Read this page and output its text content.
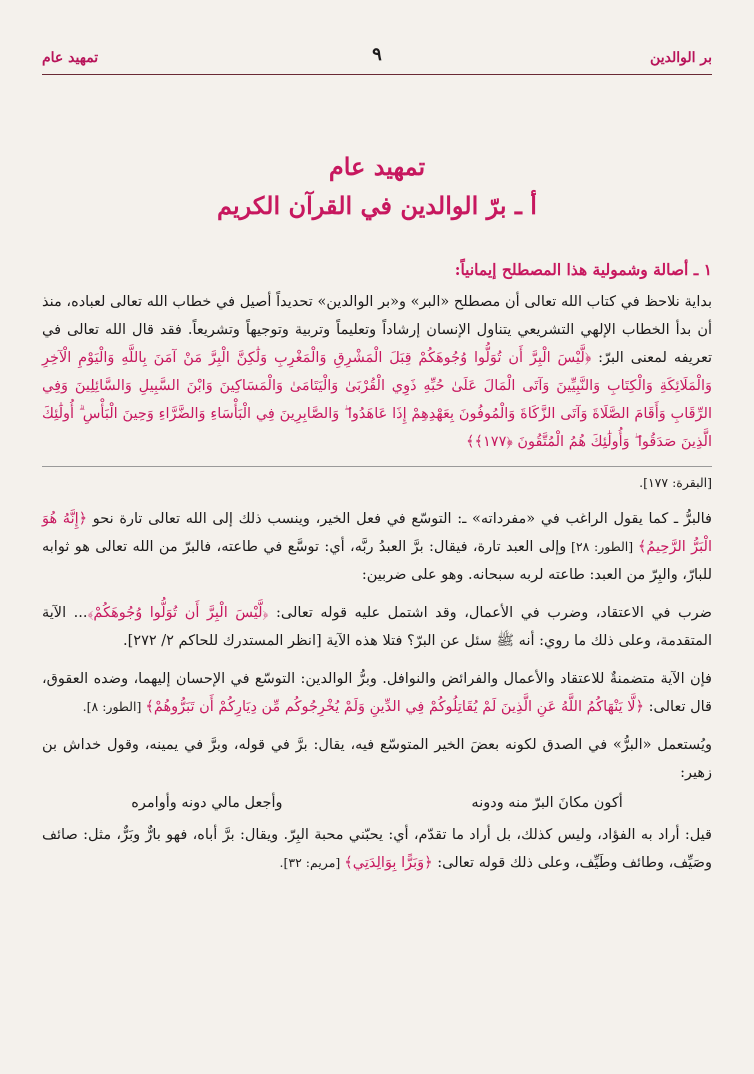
بر الوالدين
٩
تمهيد عام
تمهيد عام
أ ـ برّ الوالدين في القرآن الكريم
١ ـ أصالة وشمولية هذا المصطلح إيمانياً:

بداية نلاحظ في كتاب الله تعالى أن مصطلح «البر» و«بر الوالدين» تحديداً أصيل في خطاب الله تعالى لعباده، منذ أن بدأ الخطاب الإلهي التشريعي يتناول الإنسان إرشاداً وتعليماً وتربية وتوجيهاً وتشريعاً. فقد قال الله تعالى في تعريفه لمعنى البرّ: ﴿لَّيْسَ الْبِرَّ أَن تُوَلُّوا وُجُوهَكُمْ قِبَلَ الْمَشْرِقِ وَالْمَغْرِبِ وَلَٰكِنَّ الْبِرَّ مَنْ آمَنَ بِاللَّهِ وَالْيَوْمِ الْآخِرِ وَالْمَلَائِكَةِ وَالْكِتَابِ وَالنَّبِيِّينَ وَآتَى الْمَالَ عَلَىٰ حُبِّهِ ذَوِي الْقُرْبَىٰ وَالْيَتَامَىٰ وَالْمَسَاكِينَ وَابْنَ السَّبِيلِ وَالسَّائِلِينَ وَفِي الرِّقَابِ وَأَقَامَ الصَّلَاةَ وَآتَى الزَّكَاةَ وَالْمُوفُونَ بِعَهْدِهِمْ إِذَا عَاهَدُوا ۖ وَالصَّابِرِينَ فِي الْبَأْسَاءِ وَالضَّرَّاءِ وَحِينَ الْبَأْسِ ۗ أُولَٰئِكَ الَّذِينَ صَدَقُوا ۖ وَأُولَٰئِكَ هُمُ الْمُتَّقُونَ ﴿١٧٧﴾﴾

[البقرة: ١٧٧].

فالبرُّ ـ كما يقول الراغب في «مفرداته» ـ: التوسّع في فعل الخير، وينسب ذلك إلى الله تعالى تارة نحو ﴿إِنَّهُ هُوَ الْبَرُّ الرَّحِيمُ﴾ [الطور: ٢٨] وإلى العبد تارة، فيقال: برَّ العبدُ ربَّه، أي: توسَّع في طاعته، فالبرّ من الله تعالى هو ثوابه للبارّ، والبِرّ من العبد: طاعته لربه سبحانه. وهو على ضربين:

ضرب في الاعتقاد، وضرب في الأعمال، وقد اشتمل عليه قوله تعالى: ﴿لَّيْسَ الْبِرَّ أَن تُوَلُّوا وُجُوهَكُمْ﴾... الآية المتقدمة، وعلى ذلك ما روي: أنه ﷺ سئل عن البرّ؟ فتلا هذه الآية [انظر المستدرك للحاكم ٢/ ٢٧٢].

فإن الآية متضمنةٌ للاعتقاد والأعمال والفرائض والنوافل. وبرُّ الوالدين: التوسّع في الإحسان إليهما، وضده العقوق، قال تعالى: ﴿لَّا يَنْهَاكُمُ اللَّهُ عَنِ الَّذِينَ لَمْ يُقَاتِلُوكُمْ فِي الدِّينِ وَلَمْ يُخْرِجُوكُم مِّن دِيَارِكُمْ أَن تَبَرُّوهُمْ﴾ [الطور: ٨].

ويُستعمل «البرُّ» في الصدق لكونه بعضَ الخير المتوسّع فيه، يقال: برَّ في قوله، وبرَّ في يمينه، وقول خداش بن زهير:

أكون مكانَ البرّ منه ودونه
وأجعل مالي دونه وأوامره

قيل: أراد به الفؤاد، وليس كذلك، بل أراد ما تقدّم، أي: يحبّني محبة البِرّ. ويقال: برَّ أباه، فهو بارٌّ وبَرٌّ، مثل: صائف وصَيِّف، وطائف وطَيِّف، وعلى ذلك قوله تعالى: ﴿وَبَرًّا بِوَالِدَتِي﴾ [مريم: ٣٢].
